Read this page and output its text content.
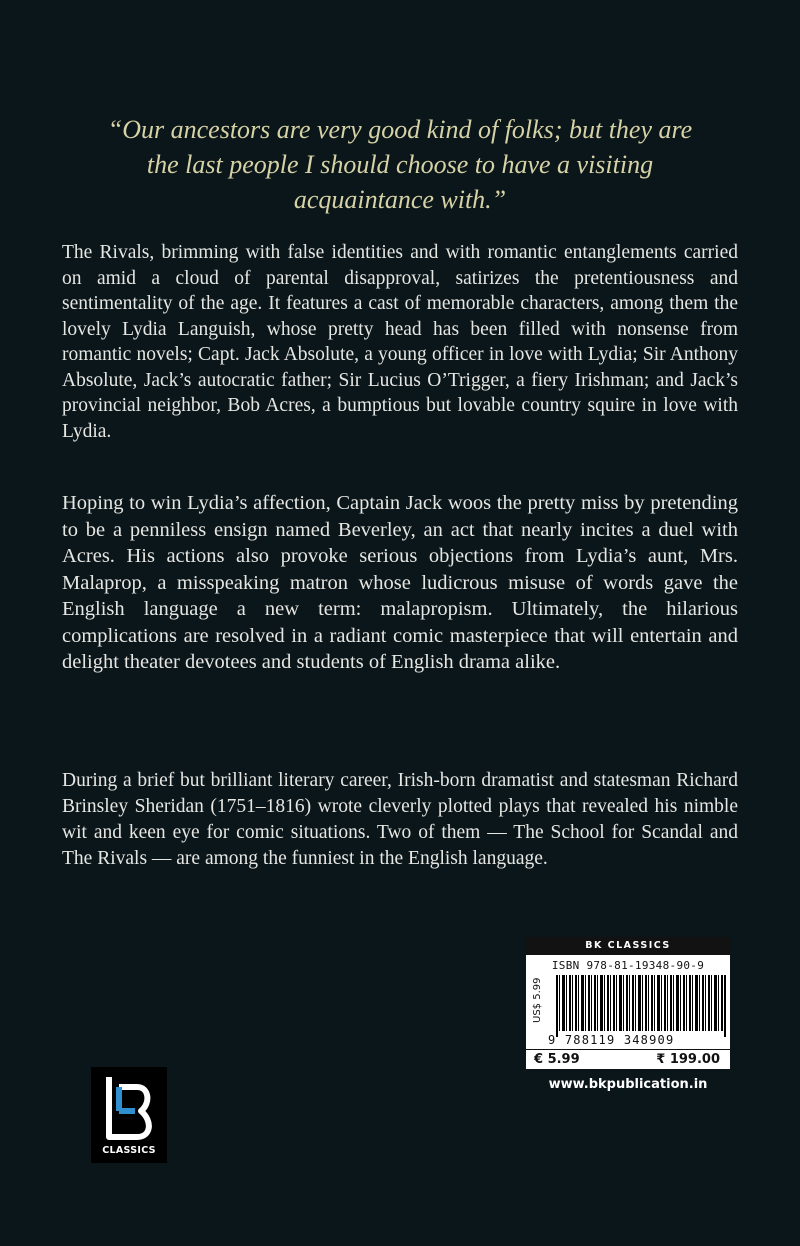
“Our ancestors are very good kind of folks; but they are the last people I should choose to have a visiting acquaintance with.”

The Rivals, brimming with false identities and with romantic entanglements carried on amid a cloud of parental disapproval, satirizes the pretentiousness and sentimentality of the age. It features a cast of memorable characters, among them the lovely Lydia Languish, whose pretty head has been filled with nonsense from romantic novels; Capt. Jack Absolute, a young officer in love with Lydia; Sir Anthony Absolute, Jack’s autocratic father; Sir Lucius O’Trigger, a fiery Irishman; and Jack’s provincial neighbor, Bob Acres, a bumptious but lovable country squire in love with Lydia.

Hoping to win Lydia’s affection, Captain Jack woos the pretty miss by pretending to be a penniless ensign named Beverley, an act that nearly incites a duel with Acres. His actions also provoke serious objections from Lydia’s aunt, Mrs. Malaprop, a misspeaking matron whose ludicrous misuse of words gave the English language a new term: malapropism. Ultimately, the hilarious complications are resolved in a radiant comic masterpiece that will entertain and delight theater devotees and students of English drama alike.

During a brief but brilliant literary career, Irish-born dramatist and statesman Richard Brinsley Sheridan (1751–1816) wrote cleverly plotted plays that revealed his nimble wit and keen eye for comic situations. Two of them — The School for Scandal and The Rivals — are among the funniest in the English language.

CLASSICS
BK CLASSICS
ISBN 978-81-19348-90-9
US$ 5.99
9 788119 348909
€ 5.99	₹ 199.00
www.bkpublication.in
